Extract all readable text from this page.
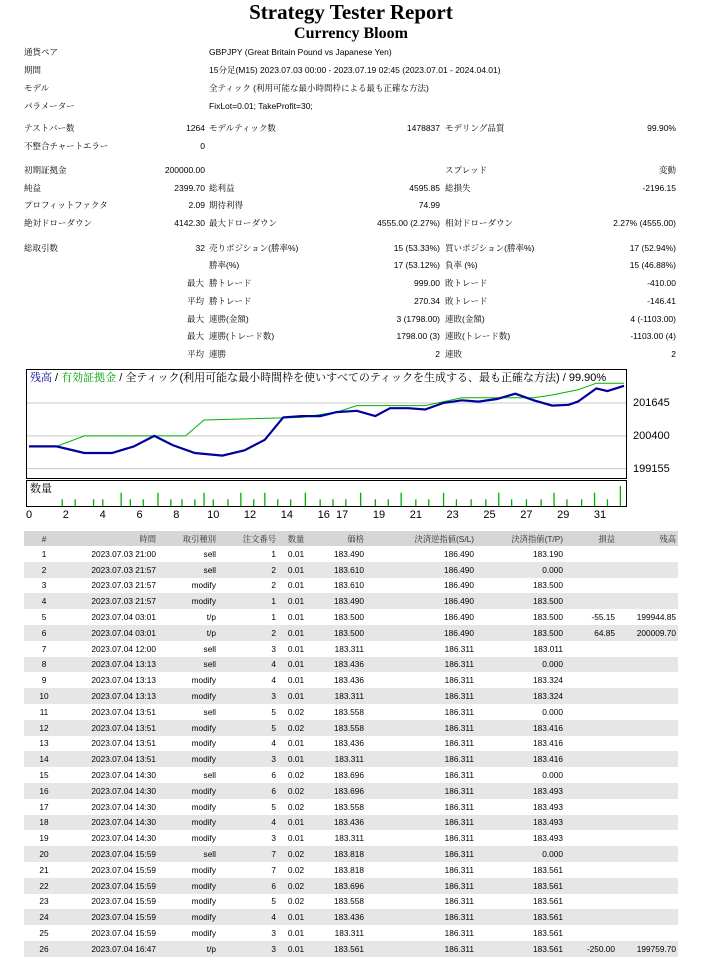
Strategy Tester Report
Currency Bloom
通貨ペア	GBPJPY (Great Britain Pound vs Japanese Yen)
期間	15分足(M15) 2023.07.03 00:00 - 2023.07.19 02:45 (2023.07.01 - 2024.04.01)
モデル	全ティック (利用可能な最小時間枠による最も正確な方法)
パラメーター	FixLot=0.01; TakeProfit=30;
テストバー数	1264 モデルティック数	1478837 モデリング品質	99.90%
不整合チャートエラー	0
初期証拠金	200000.00	スプレッド	変動
純益	2399.70 総利益	4595.85 総損失	-2196.15
プロフィットファクタ	2.09 期待利得	74.99
絶対ドローダウン	4142.30 最大ドローダウン	4555.00 (2.27%) 相対ドローダウン	2.27% (4555.00)
総取引数	32 売りポジション(勝率%)	15 (53.33%) 買いポジション(勝率%)	17 (52.94%)
勝率(%)	17 (53.12%) 負率 (%)	15 (46.88%)
最大 勝トレード	999.00 敗トレード	-410.00
平均 勝トレード	270.34 敗トレード	-146.41
最大 連勝(金額)	3 (1798.00) 連敗(金額)	4 (-1103.00)
最大 連勝(トレード数)	1798.00 (3) 連敗(トレード数)	-1103.00 (4)
平均 連勝	2 連敗	2
残高 / 有効証拠金 / 全ティック(利用可能な最小時間枠を使いすべてのティックを生成する、最も正確な方法) / 99.90%
199155
200400
201645
数量
0	2	4	6	8	10 12 14 16 17 19 21 23 25 27 29 31
#	時間	取引種別	注文番号	数量	価格	決済逆指値(S/L)	決済指値(T/P)	損益	残高
1	2023.07.03 21:00	sell	1	0.01	183.490	186.490	183.190		
2	2023.07.03 21:57	sell	2	0.01	183.610	186.490	0.000		
3	2023.07.03 21:57	modify	2	0.01	183.610	186.490	183.500		
4	2023.07.03 21:57	modify	1	0.01	183.490	186.490	183.500		
5	2023.07.04 03:01	t/p	1	0.01	183.500	186.490	183.500	-55.15	199944.85
6	2023.07.04 03:01	t/p	2	0.01	183.500	186.490	183.500	64.85	200009.70
7	2023.07.04 12:00	sell	3	0.01	183.311	186.311	183.011		
8	2023.07.04 13:13	sell	4	0.01	183.436	186.311	0.000		
9	2023.07.04 13:13	modify	4	0.01	183.436	186.311	183.324		
10	2023.07.04 13:13	modify	3	0.01	183.311	186.311	183.324		
11	2023.07.04 13:51	sell	5	0.02	183.558	186.311	0.000		
12	2023.07.04 13:51	modify	5	0.02	183.558	186.311	183.416		
13	2023.07.04 13:51	modify	4	0.01	183.436	186.311	183.416		
14	2023.07.04 13:51	modify	3	0.01	183.311	186.311	183.416		
15	2023.07.04 14:30	sell	6	0.02	183.696	186.311	0.000		
16	2023.07.04 14:30	modify	6	0.02	183.696	186.311	183.493		
17	2023.07.04 14:30	modify	5	0.02	183.558	186.311	183.493		
18	2023.07.04 14:30	modify	4	0.01	183.436	186.311	183.493		
19	2023.07.04 14:30	modify	3	0.01	183.311	186.311	183.493		
20	2023.07.04 15:59	sell	7	0.02	183.818	186.311	0.000		
21	2023.07.04 15:59	modify	7	0.02	183.818	186.311	183.561		
22	2023.07.04 15:59	modify	6	0.02	183.696	186.311	183.561		
23	2023.07.04 15:59	modify	5	0.02	183.558	186.311	183.561		
24	2023.07.04 15:59	modify	4	0.01	183.436	186.311	183.561		
25	2023.07.04 15:59	modify	3	0.01	183.311	186.311	183.561		
26	2023.07.04 16:47	t/p	3	0.01	183.561	186.311	183.561	-250.00	199759.70
